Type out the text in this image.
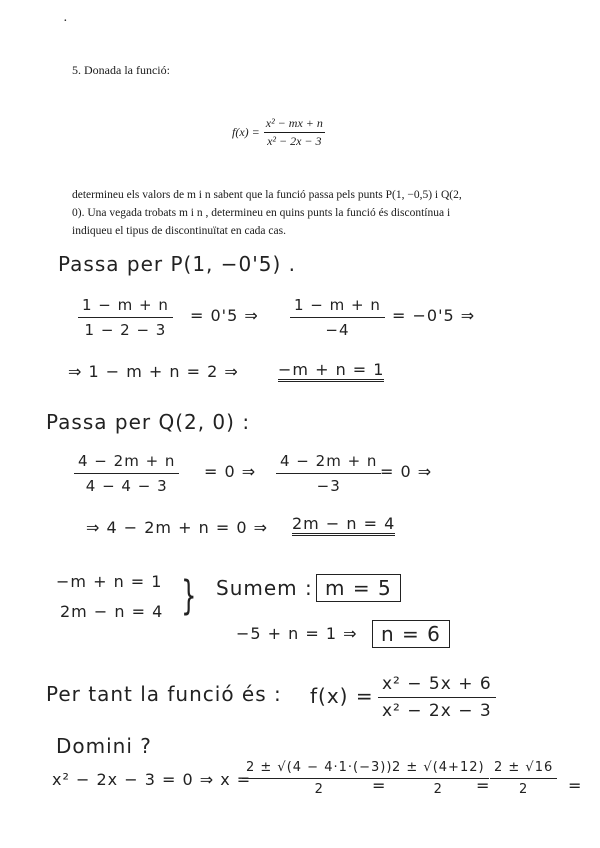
·
5. Donada la funció:
$f(x) = \frac{\text{x² − mx + n}}{\text{x² − 2x − 3}}$
determineu els valors de m i n sabent que la funció passa pels punts P(1, −0,5) i Q(2,
0). Una vegada trobats m i n , determineu en quins punts la funció és discontínua i
indiqueu el tipus de discontinuïtat en cada cas.
Passa per P(1, −0'5) .
$\frac{1 - m + n}{1 - 2 - 3} = 0'5$ ⇒ $\frac{1 - m + n}{-4} = -0'5$ ⇒
⇒ 1 − m + n = 2 ⇒ −m + n = 1
Passa per Q(2, 0) :
$\frac{4 - 2m + n}{4 - 4 - 3} = 0$ ⇒ $\frac{4 - 2m + n}{-3}$
= 0 ⇒
⇒ 4 − 2m + n = 0 ⇒ 2m − n = 4
−m + n = 1
2m − n = 4 } Sumem : m = 5
−5 + n = 1 ⇒	n = 6
Per tant la funció és : $f(x) = \frac{\text{x² − 5x + 6}}{\text{x² − 2x − 3}}$
Domini ?
x² − 2x − 3 = 0 ⇒ x =
$\frac{2 \pm √(4 - 4\cdot 1\cdot(-3))}{2}$
= $\frac{2 \pm √(4+12)}{2}$
= $\frac{2 \pm √16}{2}$ =
